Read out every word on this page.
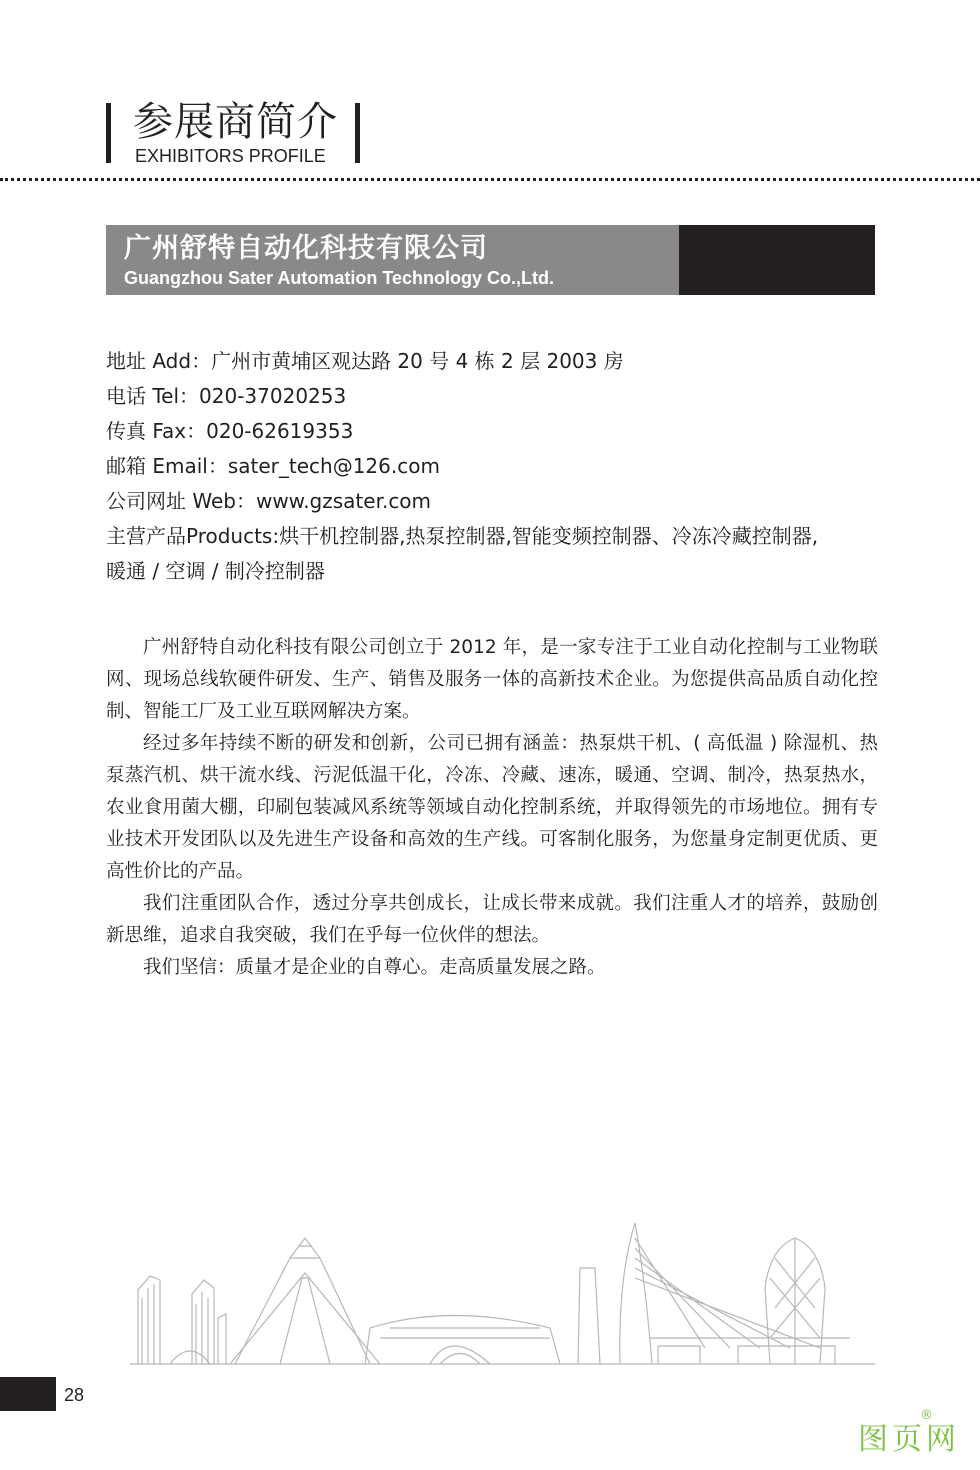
参展商简介
EXHIBITORS PROFILE
广州舒特自动化科技有限公司
Guangzhou Sater Automation Technology Co.,Ltd.
地址 Add：广州市黄埔区观达路 20 号 4 栋 2 层 2003 房
电话 Tel：020-37020253
传真 Fax：020-62619353
邮箱 Email：sater_tech@126.com
公司网址 Web：www.gzsater.com
主营产品Products:烘干机控制器,热泵控制器,智能变频控制器、冷冻冷藏控制器,
暖通 / 空调 / 制冷控制器

广州舒特自动化科技有限公司创立于 2012 年，是一家专注于工业自动化控制与工业物联网、现场总线软硬件研发、生产、销售及服务一体的高新技术企业。为您提供高品质自动化控制、智能工厂及工业互联网解决方案。

经过多年持续不断的研发和创新，公司已拥有涵盖：热泵烘干机、( 高低温 ) 除湿机、热泵蒸汽机、烘干流水线、污泥低温干化，冷冻、冷藏、速冻，暖通、空调、制冷，热泵热水，农业食用菌大棚，印刷包装减风系统等领域自动化控制系统，并取得领先的市场地位。拥有专业技术开发团队以及先进生产设备和高效的生产线。可客制化服务，为您量身定制更优质、更高性价比的产品。

我们注重团队合作，透过分享共创成长，让成长带来成就。我们注重人才的培养，鼓励创新思维，追求自我突破，我们在乎每一位伙伴的想法。

我们坚信：质量才是企业的自尊心。走高质量发展之路。

28
图页网
®
